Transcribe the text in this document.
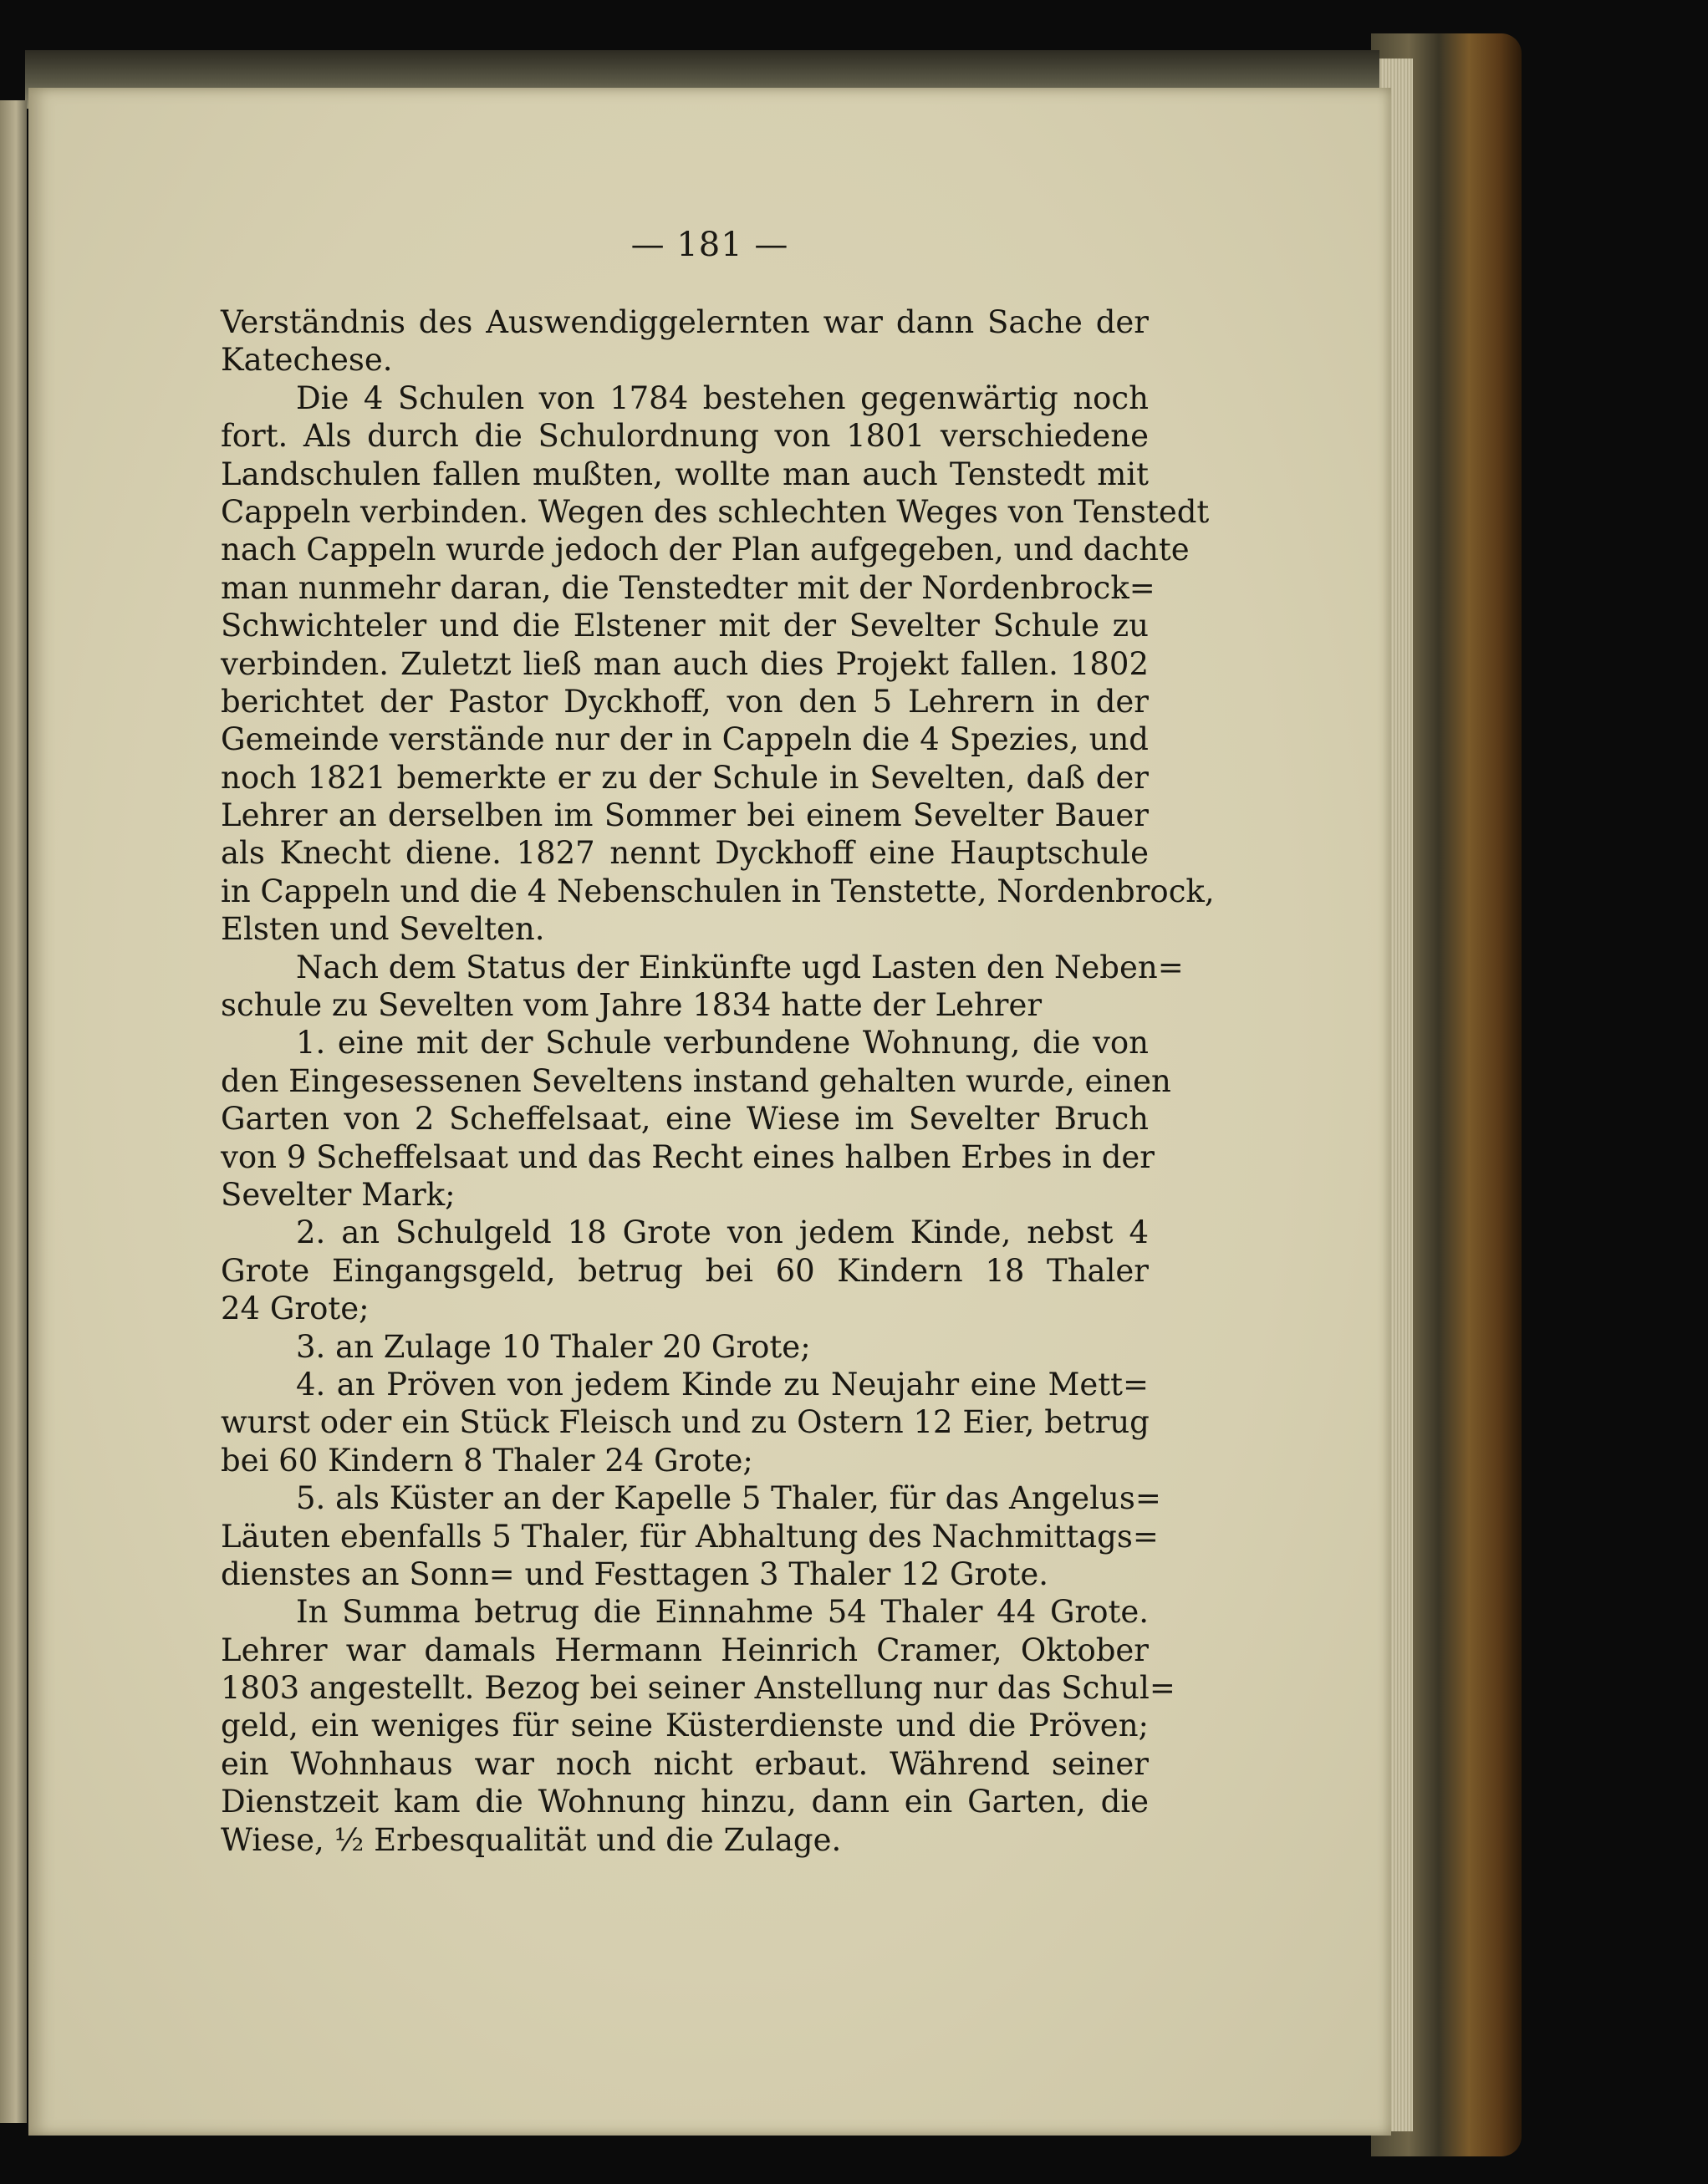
— 181 —
Verständnis des Auswendiggelernten war dann Sache der
Katechese.
Die 4 Schulen von 1784 bestehen gegenwärtig noch
fort. Als durch die Schulordnung von 1801 verschiedene
Landschulen fallen mußten, wollte man auch Tenstedt mit
Cappeln verbinden. Wegen des schlechten Weges von Tenstedt
nach Cappeln wurde jedoch der Plan aufgegeben, und dachte
man nunmehr daran, die Tenstedter mit der Nordenbrock=
Schwichteler und die Elstener mit der Sevelter Schule zu
verbinden. Zuletzt ließ man auch dies Projekt fallen. 1802
berichtet der Pastor Dyckhoff, von den 5 Lehrern in der
Gemeinde verstände nur der in Cappeln die 4 Spezies, und
noch 1821 bemerkte er zu der Schule in Sevelten, daß der
Lehrer an derselben im Sommer bei einem Sevelter Bauer
als Knecht diene. 1827 nennt Dyckhoff eine Hauptschule
in Cappeln und die 4 Nebenschulen in Tenstette, Nordenbrock,
Elsten und Sevelten.
Nach dem Status der Einkünfte ugd Lasten den Neben=
schule zu Sevelten vom Jahre 1834 hatte der Lehrer
1. eine mit der Schule verbundene Wohnung, die von
den Eingesessenen Seveltens instand gehalten wurde, einen
Garten von 2 Scheffelsaat, eine Wiese im Sevelter Bruch
von 9 Scheffelsaat und das Recht eines halben Erbes in der
Sevelter Mark;
2. an Schulgeld 18 Grote von jedem Kinde, nebst 4
Grote Eingangsgeld, betrug bei 60 Kindern 18 Thaler
24 Grote;
3. an Zulage 10 Thaler 20 Grote;
4. an Pröven von jedem Kinde zu Neujahr eine Mett=
wurst oder ein Stück Fleisch und zu Ostern 12 Eier, betrug
bei 60 Kindern 8 Thaler 24 Grote;
5. als Küster an der Kapelle 5 Thaler, für das Angelus=
Läuten ebenfalls 5 Thaler, für Abhaltung des Nachmittags=
dienstes an Sonn= und Festtagen 3 Thaler 12 Grote.
In Summa betrug die Einnahme 54 Thaler 44 Grote.
Lehrer war damals Hermann Heinrich Cramer, Oktober
1803 angestellt. Bezog bei seiner Anstellung nur das Schul=
geld, ein weniges für seine Küsterdienste und die Pröven;
ein Wohnhaus war noch nicht erbaut. Während seiner
Dienstzeit kam die Wohnung hinzu, dann ein Garten, die
Wiese, ½ Erbesqualität und die Zulage.
